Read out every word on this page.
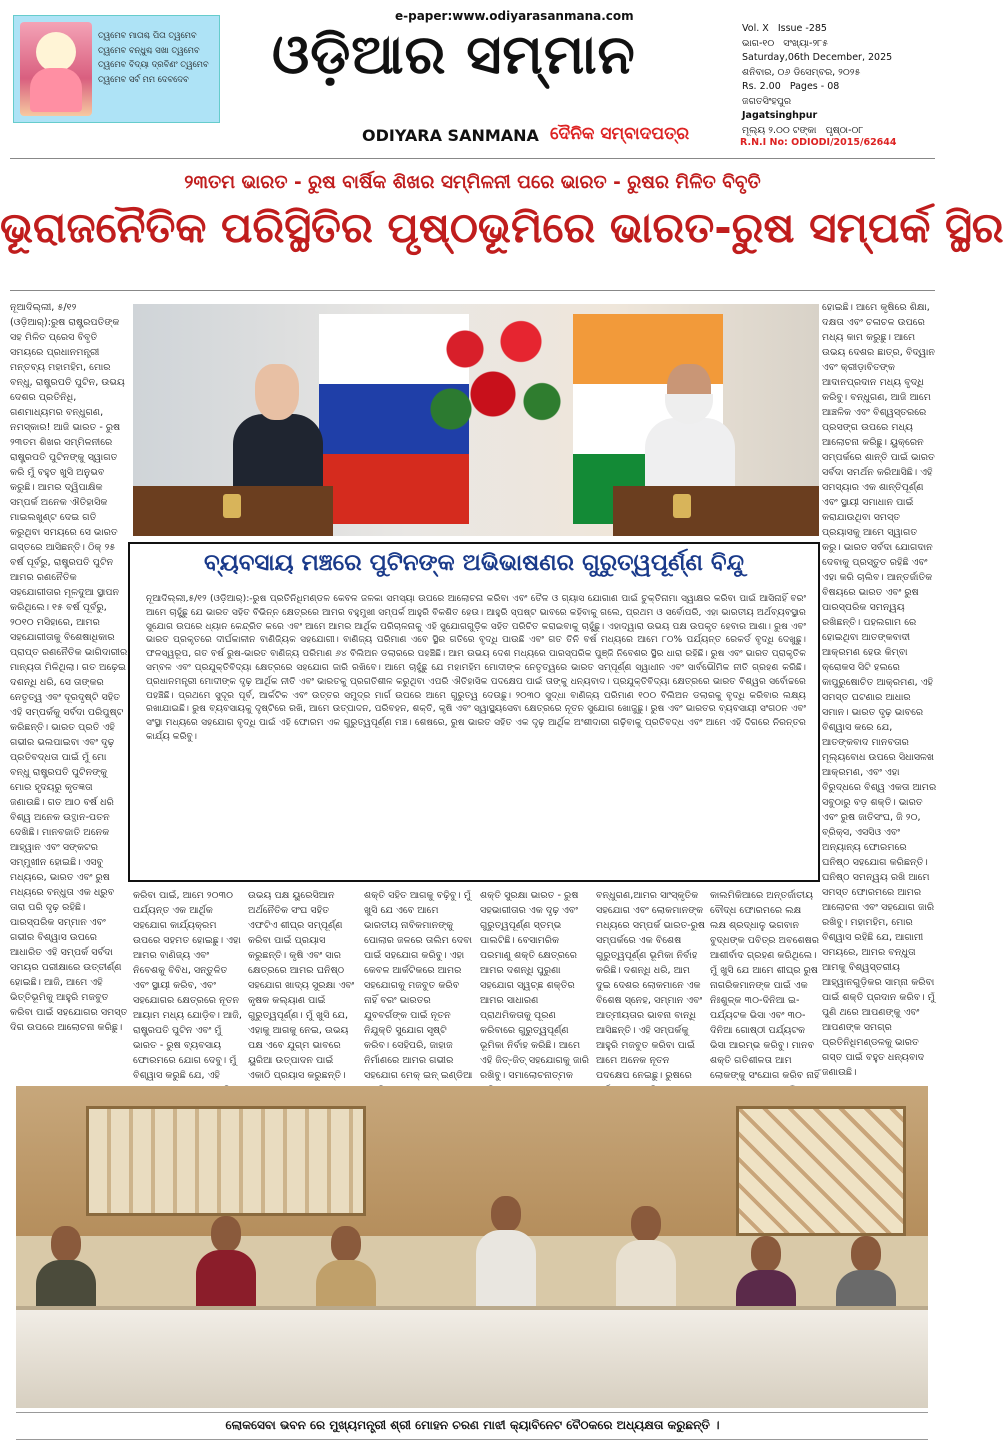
ତ୍ୱମେବ ମାତାଶ୍ଚ ପିତା ତ୍ୱମେବ
ତ୍ୱମେବ ବନ୍ଧୁଶ୍ଚ ସଖା ତ୍ୱମେବ
ତ୍ୱମେବ ବିଦ୍ୟା ଦ୍ରବିଣଂ ତ୍ୱମେବ
ତ୍ୱମେବ ସର୍ବ ମମ ଦେବଦେବ
e-paper:www.odiyarasanmana.com
ଓଡ଼ିଆର ସମ୍ମାନ
ODIYARA SANMANA ଦୈନିକ ସମ୍ବାଦପତ୍ର
Vol. X Issue -285
ଭାଗ-୧୦ ସଂଖ୍ୟା-୨୮୫
Saturday,06th December, 2025
ଶନିବାର, ୦୬ ଡିସେମ୍ବର, ୨୦୨୫
Rs. 2.00 Pages - 08
ଜଗତସିଂହପୁର
Jagatsinghpur
ମୂଲ୍ୟ ୨.୦୦ ଟଙ୍କା ପୃଷ୍ଠା-୦୮
R.N.I No: ODIODI/2015/62644
୨୩ତମ ଭାରତ - ରୁଷ ବାର୍ଷିକ ଶିଖର ସମ୍ମିଳନୀ ପରେ ଭାରତ - ରୁଷର ମିଳିତ ବିବୃତି
ଭୂରାଜନୈତିକ ପରିସ୍ଥିତିର ପୃଷ୍ଠଭୂମିରେ ଭାରତ-ରୁଷ ସମ୍ପର୍କ ସ୍ଥିର
ନୂଆଦିଲ୍ଲୀ, ୫/୧୨ (ଓଡ଼ିଆର୍):ରୁଷ ରାଷ୍ଟ୍ରପତିଙ୍କ ସହ ମିଳିତ ପ୍ରେସ ବିବୃତି ସମୟରେ ପ୍ରଧାନମନ୍ତ୍ରୀ ମନ୍ତବ୍ୟ ମହାମହିମ, ମୋର ବନ୍ଧୁ, ରାଷ୍ଟ୍ରପତି ପୁଟିନ, ଉଭୟ ଦେଶର ପ୍ରତିନିଧି, ଗଣମାଧ୍ୟମର ବନ୍ଧୁଗଣ, ନମସ୍କାର! ଆଜି ଭାରତ - ରୁଷ ୨୩ତମ ଶିଖର ସମ୍ମିଳନୀରେ ରାଷ୍ଟ୍ରପତି ପୁଟିନଙ୍କୁ ସ୍ୱାଗତ କରି ମୁଁ ବହୁତ ଖୁସି ଅନୁଭବ କରୁଛି। ଆମର ଦ୍ୱିପାକ୍ଷିକ ସମ୍ପର୍କ ଅନେକ ଐତିହାସିକ ମାଇଲଖୁଣ୍ଟ ଦେଇ ଗତି କରୁଥିବା ସମୟରେ ସେ ଭାରତ ଗସ୍ତରେ ଆସିଛନ୍ତି। ଠିକ୍ ୨୫ ବର୍ଷ ପୂର୍ବରୁ, ରାଷ୍ଟ୍ରପତି ପୁଟିନ ଆମର ରଣନୈତିକ ସହଯୋଗୀତାର ମୂଳଦୁଆ ସ୍ଥାପନ କରିଥିଲେ। ୧୫ ବର୍ଷ ପୂର୍ବରୁ, ୨୦୧୦ ମସିହାରେ, ଆମର ସହଯୋଗୀତାକୁ ବିଶେଷାଧିକାର ପ୍ରାପ୍ତ ରଣନୈତିକ ଭାଗିଦାରୀର ମାନ୍ୟତା ମିଳିଥିଲା। ଗତ ଅଢ଼େଇ ଦଶନ୍ଧି ଧରି, ସେ ତାଙ୍କର ନେତୃତ୍ୱ ଏବଂ ଦୂରଦୃଷ୍ଟି ସହିତ ଏହି ସମ୍ପର୍କକୁ ସର୍ବଦା ପରିପୁଷ୍ଟ କରିଛନ୍ତି। ଭାରତ ପ୍ରତି ଏହି ଗଭୀର ଭଲପାଇବା ଏବଂ ଦୃଢ଼ ପ୍ରତିବଦ୍ଧତା ପାଇଁ ମୁଁ ମୋ ବନ୍ଧୁ ରାଷ୍ଟ୍ରପତି ପୁଟିନଙ୍କୁ ମୋର ହୃଦୟରୁ କୃତଜ୍ଞତା ଜଣାଉଛି। ଗତ ଆଠ ବର୍ଷ ଧରି ବିଶ୍ୱ ଅନେକ ଉତ୍ଥାନ-ପତନ ଦେଖିଛି। ମାନବଜାତି ଅନେକ ଆହ୍ୱାନ ଏବଂ ସଙ୍କଟର ସମ୍ମୁଖୀନ ହୋଇଛି। ଏସବୁ ମଧ୍ୟରେ, ଭାରତ ଏବଂ ରୁଷ ମଧ୍ୟରେ ବନ୍ଧୁତା ଏକ ଧ୍ରୁବ ତାରା ପରି ଦୃଢ଼ ରହିଛି। ପାରସ୍ପରିକ ସମ୍ମାନ ଏବଂ ଗଭୀର ବିଶ୍ୱାସ ଉପରେ ଆଧାରିତ ଏହି ସମ୍ପର୍କ ସର୍ବଦା ସମୟର ପରୀକ୍ଷାରେ ଉତ୍ତୀର୍ଣ୍ଣ ହୋଇଛି। ଆଜି, ଆମେ ଏହି ଭିତ୍ତିଭୂମିକୁ ଆହୁରି ମଜବୁତ କରିବା ପାଇଁ ସହଯୋଗର ସମସ୍ତ ଦିଗ ଉପରେ ଆଲୋଚନା କରିଛୁ।
ହୋଇଛି। ଆମେ କୃଷିରେ ଶିକ୍ଷା, ଦକ୍ଷତା ଏବଂ ଚଳାଚଳ ଉପରେ ମଧ୍ୟ କାମ କରୁଛୁ। ଆମେ ଉଭୟ ଦେଶର ଛାତ୍ର, ବିଦ୍ୱାନ ଏବଂ କ୍ରୀଡ଼ାବିତଙ୍କ ଆଦାନପ୍ରଦାନ ମଧ୍ୟ ବୃଦ୍ଧି କରିବୁ। ବନ୍ଧୁଗଣ, ଆଜି ଆମେ ଆଞ୍ଚଳିକ ଏବଂ ବିଶ୍ୱସ୍ତରରେ ପ୍ରସଙ୍ଗ ଉପରେ ମଧ୍ୟ ଆଲୋଚନା କରିଛୁ। ୟୁକ୍ରେନ ସମ୍ପର୍କରେ ଶାନ୍ତି ପାଇଁ ଭାରତ ସର୍ବଦା ସମର୍ଥନ କରିଆସିଛି। ଏହି ସମସ୍ୟାର ଏକ ଶାନ୍ତିପୂର୍ଣ୍ଣ ଏବଂ ସ୍ଥାୟୀ ସମାଧାନ ପାଇଁ କରାଯାଉଥିବା ସମସ୍ତ ପ୍ରୟାସକୁ ଆମେ ସ୍ୱାଗତ କରୁ। ଭାରତ ସର୍ବଦା ଯୋଗଦାନ ଦେବାକୁ ପ୍ରସ୍ତୁତ ରହିଛି ଏବଂ ଏହା କରି ଚାଲିବ। ଆନ୍ତର୍ଜାତିକ ବିଷୟରେ ଭାରତ ଏବଂ ରୁଷ ପାରସ୍ପରିକ ସମନ୍ୱୟ ରଖିଛନ୍ତି। ପହଲଗାମ ରେ ହୋଇଥିବା ଆତଙ୍କବାଦୀ ଆକ୍ରମଣ ହେଉ କିମ୍ବା କ୍ରୋକସ ସିଟି ହଲରେ କାପୁରୁଷୋଚିତ ଆକ୍ରମଣ, ଏହି ସମସ୍ତ ଘଟଣାର ଆଧାର ସମାନ। ଭାରତ ଦୃଢ଼ ଭାବରେ ବିଶ୍ୱାସ କରେ ଯେ, ଆତଙ୍କବାଦ ମାନବତାର ମୂଲ୍ୟବୋଧ ଉପରେ ସିଧାସଳଖ ଆକ୍ରମଣ, ଏବଂ ଏହା ବିରୁଦ୍ଧରେ ବିଶ୍ୱ ଏକତା ଆମର ସବୁଠାରୁ ବଡ଼ ଶକ୍ତି। ଭାରତ ଏବଂ ରୁଷ ଜାତିସଂଘ, ଜି ୨୦, ବ୍ରିକ୍ସ, ଏସସିଓ ଏବଂ ଅନ୍ୟାନ୍ୟ ଫୋରମରେ ଘନିଷ୍ଠ ସହଯୋଗ କରିଛନ୍ତି। ଘନିଷ୍ଠ ସମନ୍ୱୟ ରଖି ଆମେ ସମସ୍ତ ଫୋରମରେ ଆମର ଆଲୋଚନା ଏବଂ ସହଯୋଗ ଜାରି ରଖିବୁ। ମହାମହିମ, ମୋର ବିଶ୍ୱାସ ରହିଛି ଯେ, ଆଗାମୀ ସମୟରେ, ଆମର ବନ୍ଧୁତା ଆମକୁ ବିଶ୍ୱସ୍ତରୀୟ ଆହ୍ୱାନଗୁଡ଼ିକର ସାମ୍ନା କରିବା ପାଇଁ ଶକ୍ତି ପ୍ରଦାନ କରିବ। ମୁଁ ପୁଣି ଥରେ ଆପଣଙ୍କୁ ଏବଂ ଆପଣଙ୍କ ସମଗ୍ର ପ୍ରତିନିଧିମଣ୍ଡଳକୁ ଭାରତ ଗସ୍ତ ପାଇଁ ବହୁତ ଧନ୍ୟବାଦ ଜଣାଉଛି।
ବ୍ୟବସାୟ ମଞ୍ଚରେ ପୁଟିନଙ୍କ ଅଭିଭାଷଣର ଗୁରୁତ୍ୱପୂର୍ଣ୍ଣ ବିନ୍ଦୁ
ନୂଆଦିଲ୍ଲୀ,୫/୧୨ (ଓଡ଼ିଆର୍):-ରୁଷ ପ୍ରତିନିଧିମଣ୍ଡଳ କେବଳ ଜଳକା ସମସ୍ୟା ଉପରେ ଆଲୋଚନା କରିବା ଏବଂ ତୈଳ ଓ ଗ୍ୟାସ ଯୋଗାଣ ପାଇଁ ଚୁକ୍ତିନାମା ସ୍ୱାକ୍ଷର କରିବା ପାଇଁ ଆସିନାହିଁ ବରଂ ଆମେ ଚାହୁଁଛୁ ଯେ ଭାରତ ସହିତ ବିଭିନ୍ନ କ୍ଷେତ୍ରରେ ଆମର ବହୁମୁଖୀ ସମ୍ପର୍କ ଆହୁରି ବିକଶିତ ହେଉ। ଆହୁରି ସ୍ପଷ୍ଟ ଭାବରେ କହିବାକୁ ଗଲେ, ପ୍ରଥମ ଓ ସର୍ବୋପରି, ଏହା ଭାରତୀୟ ଅର୍ଥବ୍ୟବସ୍ଥାର ସୁଯୋଗ ଉପରେ ଧ୍ୟାନ କେନ୍ଦ୍ରିତ କରେ ଏବଂ ଆମେ ଆମର ଆର୍ଥିକ ପରିଚାଳନାକୁ ଏହି ସୁଯୋଗଗୁଡ଼ିକ ସହିତ ପରିଚିତ କରାଇବାକୁ ଚାହୁଁଛୁ। ଏହାଦ୍ୱାରା ଉଭୟ ପକ୍ଷ ଉପକୃତ ହେବାର ଆଶା। ରୁଷ ଏବଂ ଭାରତ ପ୍ରକୃତରେ ଦୀର୍ଘକାଳୀନ ବାଣିଜ୍ୟିକ ସହଯୋଗୀ। ବାଣିଜ୍ୟ ପରିମାଣ ଏବେ ସ୍ଥିର ଗତିରେ ବୃଦ୍ଧି ପାଉଛି ଏବଂ ଗତ ତିନି ବର୍ଷ ମଧ୍ୟରେ ଆମେ ୮୦% ପର୍ଯ୍ୟନ୍ତ ରେକର୍ଡ ବୃଦ୍ଧି ଦେଖୁଛୁ। ଫଳସ୍ୱରୂପ, ଗତ ବର୍ଷ ରୁଷ-ଭାରତ ବାଣିଜ୍ୟ ପରିମାଣ ୬୪ ବିଲିଅନ ଡଲାରରେ ପହଞ୍ଚିଛି। ଆମ ଉଭୟ ଦେଶ ମଧ୍ୟରେ ପାରସ୍ପରିକ ପୁଞ୍ଜି ନିବେଶର ସ୍ଥିର ଧାରା ରହିଛି। ରୁଷ ଏବଂ ଭାରତ ପ୍ରାକୃତିକ ସମ୍ବଳ ଏବଂ ପ୍ରଯୁକ୍ତିବିଦ୍ୟା କ୍ଷେତ୍ରରେ ସହଯୋଗ ଜାରି ରଖିବେ। ଆମେ ଚାହୁଁଛୁ ଯେ ମହାମହିମ ମୋଦୀଙ୍କ ନେତୃତ୍ୱରେ ଭାରତ ସମ୍ପୂର୍ଣ୍ଣ ସ୍ୱାଧୀନ ଏବଂ ସାର୍ବଭୌମିକ ନୀତି ଗ୍ରହଣ କରିଛି। ପ୍ରଧାନମନ୍ତ୍ରୀ ମୋଦୀଙ୍କ ଦୃଢ଼ ଆର୍ଥିକ ନୀତି ଏବଂ ଭାରତକୁ ପ୍ରଗତିଶୀଳ କରୁଥିବା ଏପରି ଐତିହାସିକ ପଦକ୍ଷେପ ପାଇଁ ତାଙ୍କୁ ଧନ୍ୟବାଦ। ପ୍ରଯୁକ୍ତିବିଦ୍ୟା କ୍ଷେତ୍ରରେ ଭାରତ ବିଶ୍ୱର ସର୍ବୋଚ୍ଚରେ ପହଞ୍ଚିଛି। ପ୍ରଥମେ ସୁଦୂର ପୂର୍ବ, ଆର୍କଟିକ ଏବଂ ଉତ୍ତର ସମୁଦ୍ର ମାର୍ଗ ଉପରେ ଆମେ ଗୁରୁତ୍ୱ ଦେଉଛୁ। ୨୦୩୦ ସୁଦ୍ଧା ବାଣିଜ୍ୟ ପରିମାଣ ୧୦୦ ବିଲିଅନ ଡଲାରକୁ ବୃଦ୍ଧି କରିବାର ଲକ୍ଷ୍ୟ ରଖାଯାଇଛି। ରୁଷ ବ୍ୟବସାୟକୁ ଦୃଷ୍ଟିରେ ରଖି, ଆମେ ଉତ୍ପାଦନ, ପରିବହନ, ଶକ୍ତି, କୃଷି ଏବଂ ସ୍ୱାସ୍ଥ୍ୟସେବା କ୍ଷେତ୍ରରେ ନୂତନ ସୁଯୋଗ ଖୋଜୁଛୁ। ରୁଷ ଏବଂ ଭାରତର ବ୍ୟବସାୟୀ ସଂଗଠନ ଏବଂ ସଂସ୍ଥା ମଧ୍ୟରେ ସହଯୋଗ ବୃଦ୍ଧି ପାଇଁ ଏହି ଫୋରମ ଏକ ଗୁରୁତ୍ୱପୂର୍ଣ୍ଣ ମଞ୍ଚ। ଶେଷରେ, ରୁଷ ଭାରତ ସହିତ ଏକ ଦୃଢ଼ ଆର୍ଥିକ ଅଂଶୀଦାରୀ ଗଢ଼ିବାକୁ ପ୍ରତିବଦ୍ଧ ଏବଂ ଆମେ ଏହି ଦିଗରେ ନିରନ୍ତର କାର୍ଯ୍ୟ କରିବୁ।
କରିବା ପାଇଁ, ଆମେ ୨୦୩୦ ପର୍ଯ୍ୟନ୍ତ ଏକ ଆର୍ଥିକ ସହଯୋଗ କାର୍ଯ୍ୟକ୍ରମ ଉପରେ ସହମତ ହୋଇଛୁ। ଏହା ଆମର ବାଣିଜ୍ୟ ଏବଂ ନିବେଶକୁ ବିବିଧ, ସନ୍ତୁଳିତ ଏବଂ ସ୍ଥାୟୀ କରିବ, ଏବଂ ସହଯୋଗର କ୍ଷେତ୍ରରେ ନୂତନ ଆୟାମ ମଧ୍ୟ ଯୋଡ଼ିବ। ଆଜି, ରାଷ୍ଟ୍ରପତି ପୁଟିନ ଏବଂ ମୁଁ ଭାରତ - ରୁଷ ବ୍ୟବସାୟ ଫୋରମରେ ଯୋଗ ଦେବୁ। ମୁଁ ବିଶ୍ୱାସ କରୁଛି ଯେ, ଏହି
ଉଭୟ ପକ୍ଷ ୟୁରେସିଆନ ଅର୍ଥନୈତିକ ସଂଘ ସହିତ ଏଫଟିଏ ଶୀଘ୍ର ସମ୍ପୂର୍ଣ୍ଣ କରିବା ପାଇଁ ପ୍ରୟାସ କରୁଛନ୍ତି। କୃଷି ଏବଂ ସାର କ୍ଷେତ୍ରରେ ଆମର ଘନିଷ୍ଠ ସହଯୋଗ ଖାଦ୍ୟ ସୁରକ୍ଷା ଏବଂ କୃଷକ କଲ୍ୟାଣ ପାଇଁ ଗୁରୁତ୍ୱପୂର୍ଣ୍ଣ। ମୁଁ ଖୁସି ଯେ, ଏହାକୁ ଆଗକୁ ନେଇ, ଉଭୟ ପକ୍ଷ ଏବେ ଯୁଗ୍ମ ଭାବରେ ୟୁରିଆ ଉତ୍ପାଦନ ପାଇଁ ଏକାଠି ପ୍ରୟାସ କରୁଛନ୍ତି।
ଶକ୍ତି ସହିତ ଆଗକୁ ବଢ଼ିବୁ। ମୁଁ ଖୁସି ଯେ ଏବେ ଆମେ ଭାରତୀୟ ନାବିକମାନଙ୍କୁ ପୋଲାର ଜଳରେ ତାଲିମ ଦେବା ପାଇଁ ସହଯୋଗ କରିବୁ। ଏହା କେବଳ ଆର୍କଟିକରେ ଆମର ସହଯୋଗକୁ ମଜବୁତ କରିବ ନାହିଁ ବରଂ ଭାରତର ଯୁବବର୍ଗଙ୍କ ପାଇଁ ନୂତନ ନିଯୁକ୍ତି ସୁଯୋଗ ସୃଷ୍ଟି କରିବ। ସେହିପରି, ଜାହାଜ ନିର୍ମାଣରେ ଆମର ଗଭୀର ସହଯୋଗ ମେକ୍ ଇନ୍ ଇଣ୍ଡିଆ
ଶକ୍ତି ସୁରକ୍ଷା ଭାରତ - ରୁଷ ସହଭାଗୀତାର ଏକ ଦୃଢ଼ ଏବଂ ଗୁରୁତ୍ୱପୂର୍ଣ୍ଣ ସ୍ତମ୍ଭ ପାଲଟିଛି। ବେସାମରିକ ପରମାଣୁ ଶକ୍ତି କ୍ଷେତ୍ରରେ ଆମର ଦଶନ୍ଧି ପୁରୁଣା ସହଯୋଗ ସ୍ୱଚ୍ଛ ଶକ୍ତିର ଆମର ସାଧାରଣ ପ୍ରାଥମିକତାକୁ ପୂରଣ କରିବାରେ ଗୁରୁତ୍ୱପୂର୍ଣ୍ଣ ଭୂମିକା ନିର୍ବାହ କରିଛି। ଆମେ ଏହି ଜିତ୍-ଜିତ୍ ସହଯୋଗକୁ ଜାରି ରଖିବୁ। ସମାଲୋଚନାତ୍ମକ
ବନ୍ଧୁଗଣ,ଆମର ସାଂସ୍କୃତିକ ସହଯୋଗ ଏବଂ ଲୋକମାନଙ୍କ ମଧ୍ୟରେ ସମ୍ପର୍କ ଭାରତ-ରୁଷ ସମ୍ପର୍କରେ ଏକ ବିଶେଷ ଗୁରୁତ୍ୱପୂର୍ଣ୍ଣ ଭୂମିକା ନିର୍ବାହ କରିଛି। ଦଶନ୍ଧି ଧରି, ଆମ ଦୁଇ ଦେଶର ଲୋକମାନେ ଏକ ବିଶେଷ ସ୍ନେହ, ସମ୍ମାନ ଏବଂ ଆତ୍ମୀୟତାର ଭାବନା ବାନ୍ଧି ଆସିଛନ୍ତି। ଏହି ସମ୍ପର୍କକୁ ଆହୁରି ମଜବୁତ କରିବା ପାଇଁ ଆମେ ଅନେକ ନୂତନ ପଦକ୍ଷେପ ନେଇଛୁ। ରୁଷରେ
କାଲମିକିଆରେ ଅନ୍ତର୍ଜାତୀୟ ବୌଦ୍ଧ ଫୋରମରେ ଲକ୍ଷ ଲକ୍ଷ ଶ୍ରଦ୍ଧାଳୁ ଭଗବାନ ବୁଦ୍ଧଙ୍କ ପବିତ୍ର ଅବଶେଷର ଆଶୀର୍ବାଦ ଗ୍ରହଣ କରିଥିଲେ। ମୁଁ ଖୁସି ଯେ ଆମେ ଶୀଘ୍ର ରୁଷ ନାଗରିକମାନଙ୍କ ପାଇଁ ଏକ ନିଃଶୁଳ୍କ ୩୦-ଦିନିଆ ଇ-ପର୍ଯ୍ୟଟକ ଭିସା ଏବଂ ୩୦-ଦିନିଆ ଗୋଷ୍ଠୀ ପର୍ଯ୍ୟଟକ ଭିସା ଆରମ୍ଭ କରିବୁ। ମାନବ ଶକ୍ତି ଗତିଶୀଳତା ଆମ ଲୋକଙ୍କୁ ସଂଯୋଗ କରିବ ନାହିଁ
ଲୋକସେବା ଭବନ ରେ ମୁଖ୍ୟମନ୍ତ୍ରୀ ଶ୍ରୀ ମୋହନ ଚରଣ ମାଝୀ କ୍ୟାବିନେଟ ବୈଠକରେ ଅଧ୍ୟକ୍ଷତା କରୁଛନ୍ତି ।
